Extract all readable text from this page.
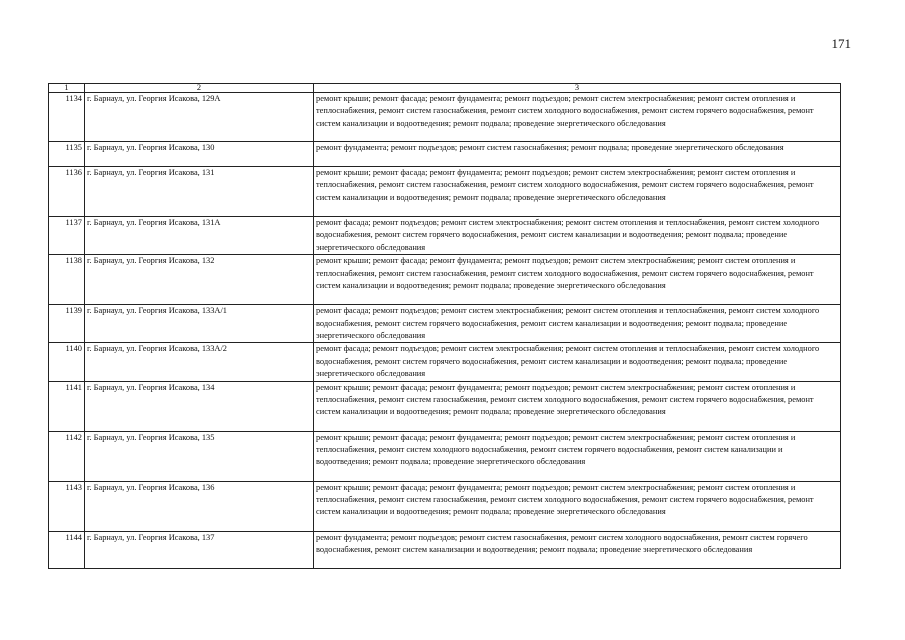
171
1	2	3
1134	г. Барнаул, ул. Георгия Исакова, 129А	ремонт крыши; ремонт фасада; ремонт фундамента; ремонт подъездов; ремонт систем электроснабжения; ремонт систем отопления и теплоснабжения, ремонт систем газоснабжения, ремонт систем холодного водоснабжения, ремонт систем горячего водоснабжения, ремонт систем канализации и водоотведения; ремонт подвала; проведение энергетического обследования
1135	г. Барнаул, ул. Георгия Исакова, 130	ремонт фундамента; ремонт подъездов; ремонт систем газоснабжения; ремонт подвала; проведение энергетического обследования
1136	г. Барнаул, ул. Георгия Исакова, 131	ремонт крыши; ремонт фасада; ремонт фундамента; ремонт подъездов; ремонт систем электроснабжения; ремонт систем отопления и теплоснабжения, ремонт систем газоснабжения, ремонт систем холодного водоснабжения, ремонт систем горячего водоснабжения, ремонт систем канализации и водоотведения; ремонт подвала; проведение энергетического обследования
1137	г. Барнаул, ул. Георгия Исакова, 131А	ремонт фасада; ремонт подъездов; ремонт систем электроснабжения; ремонт систем отопления и теплоснабжения, ремонт систем холодного водоснабжения, ремонт систем горячего водоснабжения, ремонт систем канализации и водоотведения; ремонт подвала; проведение энергетического обследования
1138	г. Барнаул, ул. Георгия Исакова, 132	ремонт крыши; ремонт фасада; ремонт фундамента; ремонт подъездов; ремонт систем электроснабжения; ремонт систем отопления и теплоснабжения, ремонт систем газоснабжения, ремонт систем холодного водоснабжения, ремонт систем горячего водоснабжения, ремонт систем канализации и водоотведения; ремонт подвала; проведение энергетического обследования
1139	г. Барнаул, ул. Георгия Исакова, 133А/1	ремонт фасада; ремонт подъездов; ремонт систем электроснабжения; ремонт систем отопления и теплоснабжения, ремонт систем холодного водоснабжения, ремонт систем горячего водоснабжения, ремонт систем канализации и водоотведения; ремонт подвала; проведение энергетического обследования
1140	г. Барнаул, ул. Георгия Исакова, 133А/2	ремонт фасада; ремонт подъездов; ремонт систем электроснабжения; ремонт систем отопления и теплоснабжения, ремонт систем холодного водоснабжения, ремонт систем горячего водоснабжения, ремонт систем канализации и водоотведения; ремонт подвала; проведение энергетического обследования
1141	г. Барнаул, ул. Георгия Исакова, 134	ремонт крыши; ремонт фасада; ремонт фундамента; ремонт подъездов; ремонт систем электроснабжения; ремонт систем отопления и теплоснабжения, ремонт систем газоснабжения, ремонт систем холодного водоснабжения, ремонт систем горячего водоснабжения, ремонт систем канализации и водоотведения; ремонт подвала; проведение энергетического обследования
1142	г. Барнаул, ул. Георгия Исакова, 135	ремонт крыши; ремонт фасада; ремонт фундамента; ремонт подъездов; ремонт систем электроснабжения; ремонт систем отопления и теплоснабжения, ремонт систем холодного водоснабжения, ремонт систем горячего водоснабжения, ремонт систем канализации и водоотведения; ремонт подвала; проведение энергетического обследования
1143	г. Барнаул, ул. Георгия Исакова, 136	ремонт крыши; ремонт фасада; ремонт фундамента; ремонт подъездов; ремонт систем электроснабжения; ремонт систем отопления и теплоснабжения, ремонт систем газоснабжения, ремонт систем холодного водоснабжения, ремонт систем горячего водоснабжения, ремонт систем канализации и водоотведения; ремонт подвала; проведение энергетического обследования
1144	г. Барнаул, ул. Георгия Исакова, 137	ремонт фундамента; ремонт подъездов; ремонт систем газоснабжения, ремонт систем холодного водоснабжения, ремонт систем горячего водоснабжения, ремонт систем канализации и водоотведения; ремонт подвала; проведение энергетического обследования
